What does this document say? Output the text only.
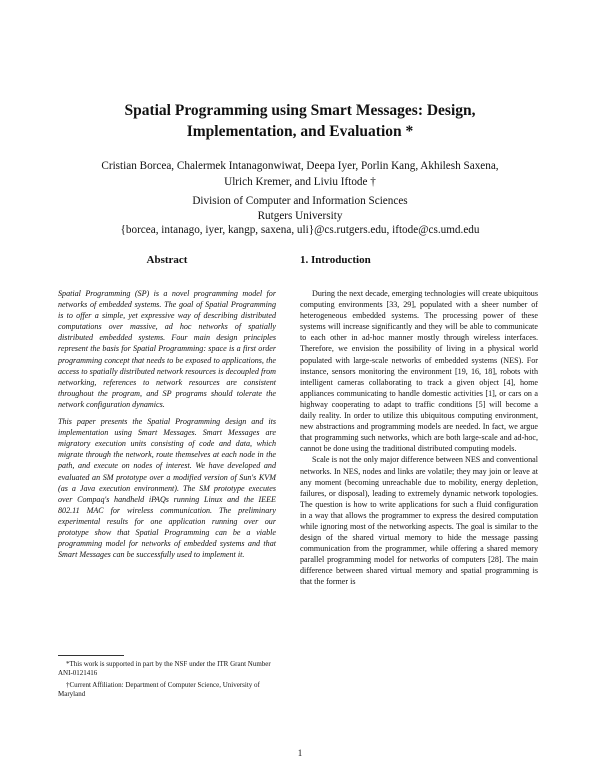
Spatial Programming using Smart Messages: Design,
Implementation, and Evaluation *
Cristian Borcea, Chalermek Intanagonwiwat, Deepa Iyer, Porlin Kang, Akhilesh Saxena,
Ulrich Kremer, and Liviu Iftode †
Division of Computer and Information Sciences
Rutgers University
{borcea, intanago, iyer, kangp, saxena, uli}@cs.rutgers.edu, iftode@cs.umd.edu
Abstract

Spatial Programming (SP) is a novel programming model for networks of embedded systems. The goal of Spatial Programming is to offer a simple, yet expressive way of describing distributed computations over massive, ad hoc networks of spatially distributed embedded systems. Four main design principles represent the basis for Spatial Programming: space is a first order programming concept that needs to be exposed to applications, the access to spatially distributed network resources is decoupled from networking, references to network resources are consistent throughout the program, and SP programs should tolerate the network configuration dynamics.

This paper presents the Spatial Programming design and its implementation using Smart Messages. Smart Messages are migratory execution units consisting of code and data, which migrate through the network, route themselves at each node in the path, and execute on nodes of interest. We have developed and evaluated an SM prototype over a modified version of Sun's KVM (as a Java execution environment). The SM prototype executes over Compaq's handheld iPAQs running Linux and the IEEE 802.11 MAC for wireless communication. The preliminary experimental results for one application running over our prototype show that Spatial Programming can be a viable programming model for networks of embedded systems and that Smart Messages can be successfully used to implement it.

1. Introduction

During the next decade, emerging technologies will create ubiquitous computing environments [33, 29], populated with a sheer number of heterogeneous embedded systems. The processing power of these systems will increase significantly and they will be able to communicate to each other in ad-hoc manner mostly through wireless interfaces. Therefore, we envision the possibility of living in a physical world populated with large-scale networks of embedded systems (NES). For instance, sensors monitoring the environment [19, 16, 18], robots with intelligent cameras collaborating to track a given object [4], home appliances communicating to handle domestic activities [1], or cars on a highway cooperating to adapt to traffic conditions [5] will become a daily reality. In order to utilize this ubiquitous computing environment, new abstractions and programming models are needed. In fact, we argue that programming such networks, which are both large-scale and ad-hoc, cannot be done using the traditional distributed computing models.

Scale is not the only major difference between NES and conventional networks. In NES, nodes and links are volatile; they may join or leave at any moment (becoming unreachable due to mobility, energy depletion, failures, or disposal), leading to extremely dynamic network topologies. The question is how to write applications for such a fluid configuration in a way that allows the programmer to express the desired computation while ignoring most of the networking aspects. The goal is similar to the design of the shared virtual memory to hide the message passing communication from the programmer, while offering a shared memory parallel programming model for networks of computers [28]. The main difference between shared virtual memory and spatial programming is that the former is

*This work is supported in part by the NSF under the ITR Grant Number ANI-0121416

†Current Affiliation: Department of Computer Science, University of Maryland

1
